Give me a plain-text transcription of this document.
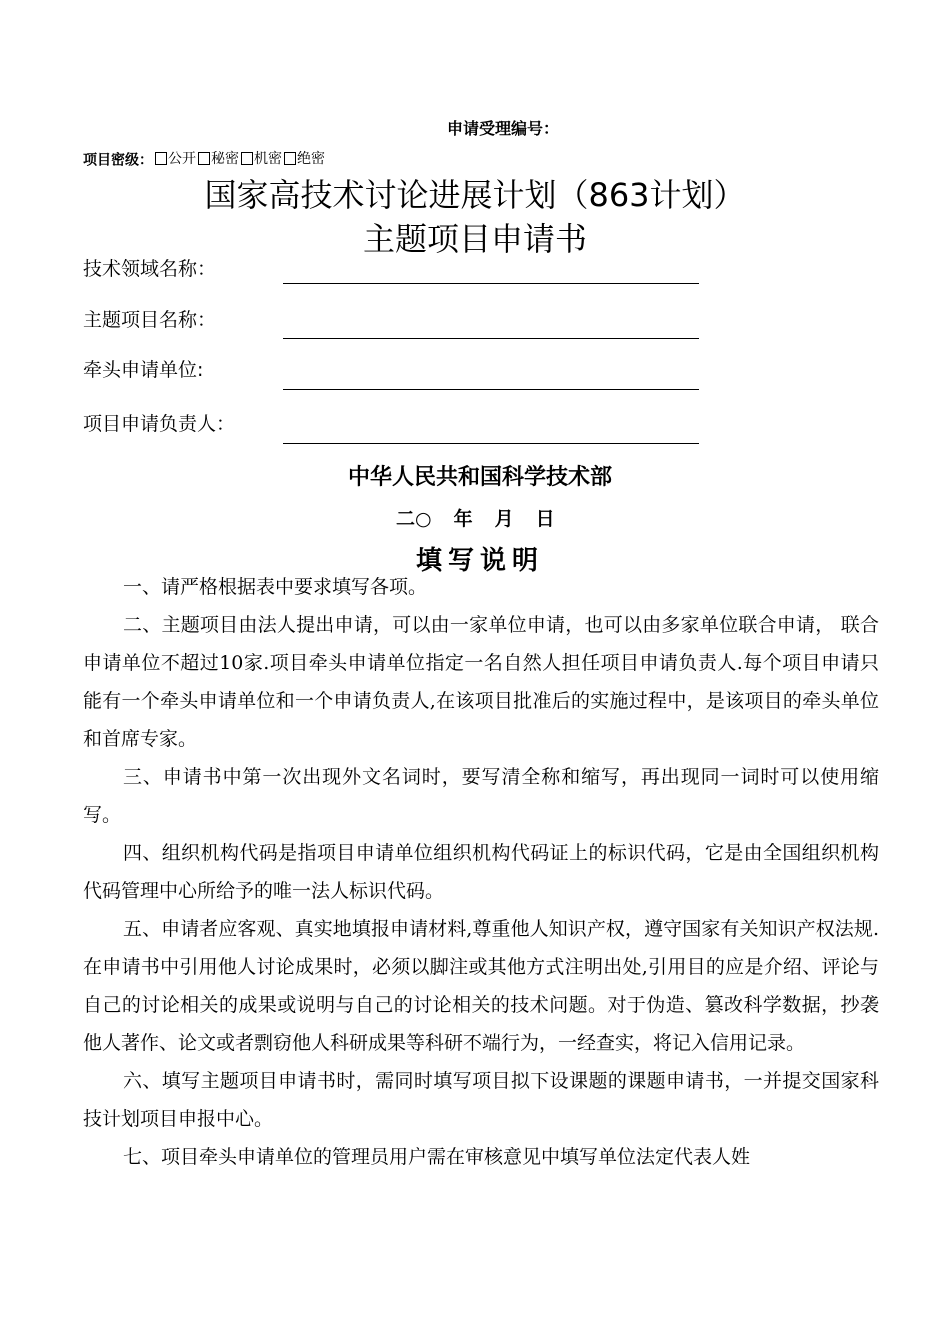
申请受理编号：
项目密级： 公开 秘密 机密 绝密
国家高技术讨论进展计划（863计划）
主题项目申请书
技术领域名称：
主题项目名称：
牵头申请单位:
项目申请负责人：
中华人民共和国科学技术部
二○ 年 月 日
填写说明

一、请严格根据表中要求填写各项。

二、主题项目由法人提出申请，可以由一家单位申请，也可以由多家单位联合申请， 联合申请单位不超过10家.项目牵头申请单位指定一名自然人担任项目申请负责人.每个项目申请只能有一个牵头申请单位和一个申请负责人,在该项目批准后的实施过程中，是该项目的牵头单位和首席专家。

三、申请书中第一次出现外文名词时，要写清全称和缩写，再出现同一词时可以使用缩写。

四、组织机构代码是指项目申请单位组织机构代码证上的标识代码，它是由全国组织机构代码管理中心所给予的唯一法人标识代码。

五、申请者应客观、真实地填报申请材料,尊重他人知识产权，遵守国家有关知识产权法规.在申请书中引用他人讨论成果时，必须以脚注或其他方式注明出处,引用目的应是介绍、评论与自己的讨论相关的成果或说明与自己的讨论相关的技术问题。对于伪造、篡改科学数据，抄袭他人著作、论文或者剽窃他人科研成果等科研不端行为，一经查实，将记入信用记录。

六、填写主题项目申请书时，需同时填写项目拟下设课题的课题申请书，一并提交国家科技计划项目申报中心。

七、项目牵头申请单位的管理员用户需在审核意见中填写单位法定代表人姓
